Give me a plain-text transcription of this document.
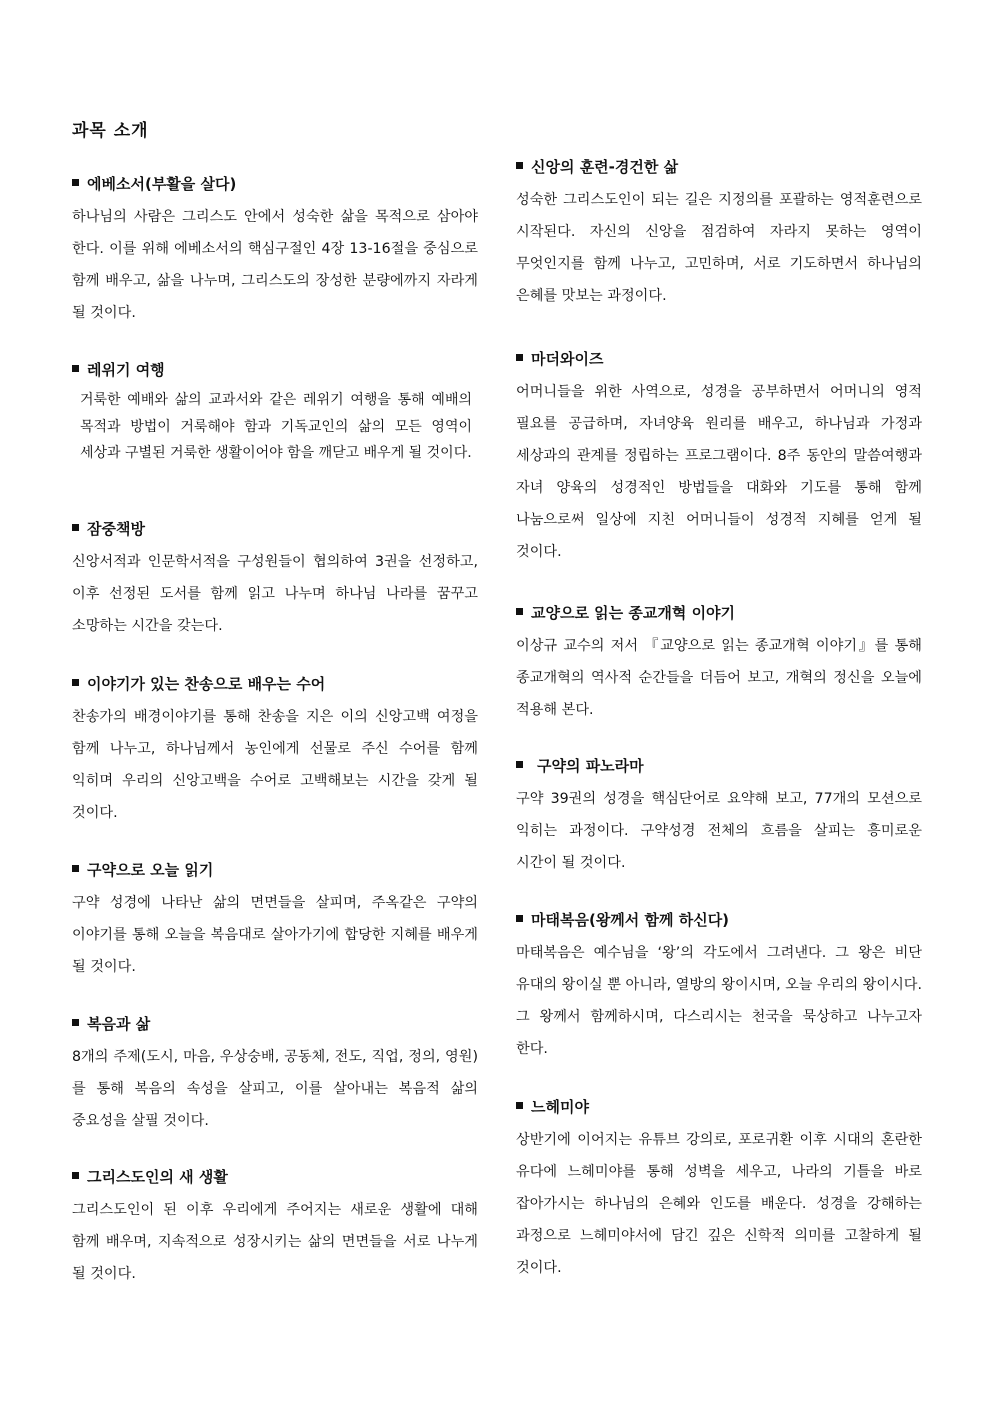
과목 소개
에베소서(부활을 살다)

하나님의 사람은 그리스도 안에서 성숙한 삶을 목적으로 삼아야 한다. 이를 위해 에베소서의 핵심구절인 4장 13-16절을 중심으로 함께 배우고, 삶을 나누며, 그리스도의 장성한 분량에까지 자라게 될 것이다.

레위기 여행

거룩한 예배와 삶의 교과서와 같은 레위기 여행을 통해 예배의 목적과 방법이 거룩해야 함과 기독교인의 삶의 모든 영역이 세상과 구별된 거룩한 생활이어야 함을 깨닫고 배우게 될 것이다.

잠중책방

신앙서적과 인문학서적을 구성원들이 협의하여 3권을 선정하고, 이후 선정된 도서를 함께 읽고 나누며 하나님 나라를 꿈꾸고 소망하는 시간을 갖는다.

이야기가 있는 찬송으로 배우는 수어

찬송가의 배경이야기를 통해 찬송을 지은 이의 신앙고백 여정을 함께 나누고, 하나님께서 농인에게 선물로 주신 수어를 함께 익히며 우리의 신앙고백을 수어로 고백해보는 시간을 갖게 될 것이다.

구약으로 오늘 읽기

구약 성경에 나타난 삶의 면면들을 살피며, 주옥같은 구약의 이야기를 통해 오늘을 복음대로 살아가기에 합당한 지혜를 배우게 될 것이다.

복음과 삶

8개의 주제(도시, 마음, 우상숭배, 공동체, 전도, 직업, 정의, 영원)를 통해 복음의 속성을 살피고, 이를 살아내는 복음적 삶의 중요성을 살필 것이다.

그리스도인의 새 생활

그리스도인이 된 이후 우리에게 주어지는 새로운 생활에 대해 함께 배우며, 지속적으로 성장시키는 삶의 면면들을 서로 나누게 될 것이다.

신앙의 훈련-경건한 삶

성숙한 그리스도인이 되는 길은 지정의를 포괄하는 영적훈련으로 시작된다. 자신의 신앙을 점검하여 자라지 못하는 영역이 무엇인지를 함께 나누고, 고민하며, 서로 기도하면서 하나님의 은혜를 맛보는 과정이다.

마더와이즈

어머니들을 위한 사역으로, 성경을 공부하면서 어머니의 영적 필요를 공급하며, 자녀양육 원리를 배우고, 하나님과 가정과 세상과의 관계를 정립하는 프로그램이다. 8주 동안의 말씀여행과 자녀 양육의 성경적인 방법들을 대화와 기도를 통해 함께 나눔으로써 일상에 지친 어머니들이 성경적 지혜를 얻게 될 것이다.

교양으로 읽는 종교개혁 이야기

이상규 교수의 저서 『교양으로 읽는 종교개혁 이야기』를 통해 종교개혁의 역사적 순간들을 더듬어 보고, 개혁의 정신을 오늘에 적용해 본다.

구약의 파노라마

구약 39권의 성경을 핵심단어로 요약해 보고, 77개의 모션으로 익히는 과정이다. 구약성경 전체의 흐름을 살피는 흥미로운 시간이 될 것이다.

마태복음(왕께서 함께 하신다)

마태복음은 예수님을 ‘왕’의 각도에서 그려낸다. 그 왕은 비단 유대의 왕이실 뿐 아니라, 열방의 왕이시며, 오늘 우리의 왕이시다. 그 왕께서 함께하시며, 다스리시는 천국을 묵상하고 나누고자 한다.

느헤미야

상반기에 이어지는 유튜브 강의로, 포로귀환 이후 시대의 혼란한 유다에 느헤미야를 통해 성벽을 세우고, 나라의 기틀을 바로 잡아가시는 하나님의 은혜와 인도를 배운다. 성경을 강해하는 과정으로 느헤미야서에 담긴 깊은 신학적 의미를 고찰하게 될 것이다.
